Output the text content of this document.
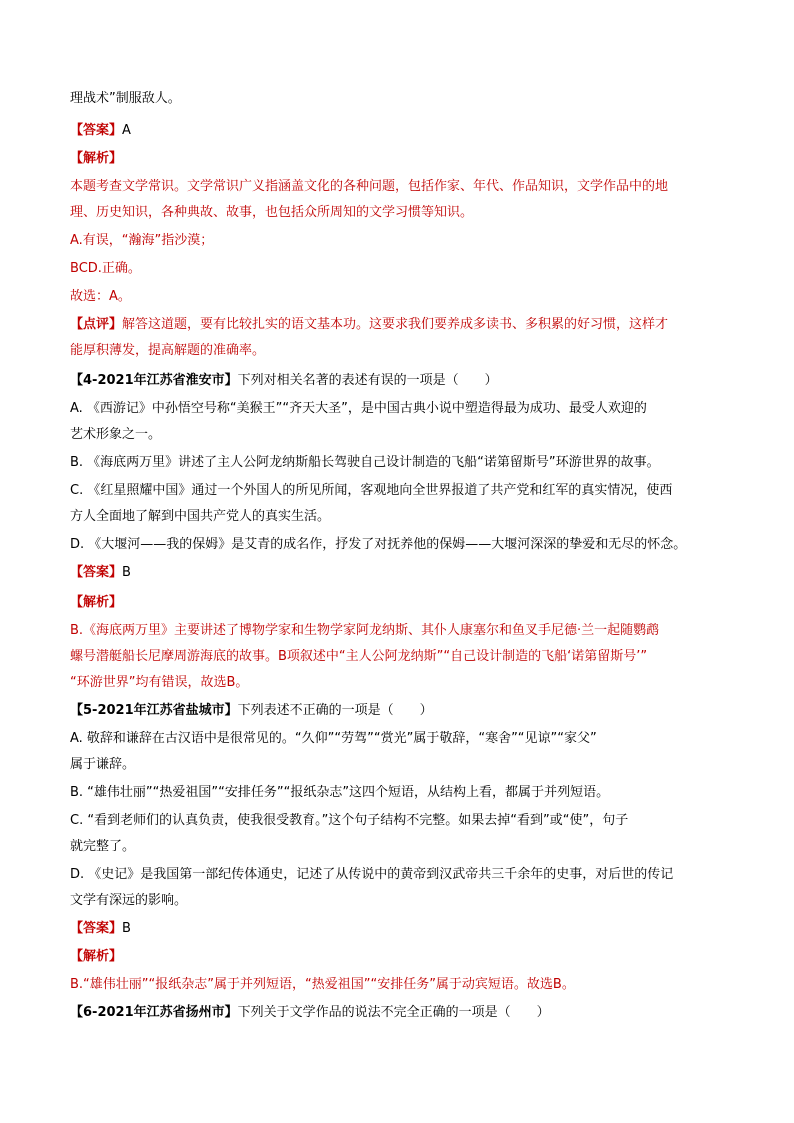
理战术”制服敌人。
【答案】A
【解析】
本题考查文学常识。文学常识广义指涵盖文化的各种问题，包括作家、年代、作品知识，文学作品中的地
理、历史知识，各种典故、故事，也包括众所周知的文学习惯等知识。
A.有误，“瀚海”指沙漠；
BCD.正确。
故选：A。
【点评】解答这道题，要有比较扎实的语文基本功。这要求我们要养成多读书、多积累的好习惯，这样才
能厚积薄发，提高解题的准确率。
【4-2021年江苏省淮安市】下列对相关名著的表述有误的一项是（　　）
A. 《西游记》中孙悟空号称“美猴王”“齐天大圣”，是中国古典小说中塑造得最为成功、最受人欢迎的
艺术形象之一。
B. 《海底两万里》讲述了主人公阿龙纳斯船长驾驶自己设计制造的飞船“诺第留斯号”环游世界的故事。
C. 《红星照耀中国》通过一个外国人的所见所闻，客观地向全世界报道了共产党和红军的真实情况，使西
方人全面地了解到中国共产党人的真实生活。
D. 《大堰河——我的保姆》是艾青的成名作，抒发了对抚养他的保姆——大堰河深深的挚爱和无尽的怀念。
【答案】B
【解析】
B.《海底两万里》主要讲述了博物学家和生物学家阿龙纳斯、其仆人康塞尔和鱼叉手尼德·兰一起随鹦鹉
螺号潜艇船长尼摩周游海底的故事。B项叙述中“主人公阿龙纳斯”“自己设计制造的飞船‘诺第留斯号’”
“环游世界”均有错误，故选B。
【5-2021年江苏省盐城市】下列表述不正确的一项是（　　）
A. 敬辞和谦辞在古汉语中是很常见的。“久仰”“劳驾”“赏光”属于敬辞，“寒舍”“见谅”“家父”
属于谦辞。
B. “雄伟壮丽”“热爱祖国”“安排任务”“报纸杂志”这四个短语，从结构上看，都属于并列短语。
C. “看到老师们的认真负责，使我很受教育。”这个句子结构不完整。如果去掉“看到”或“使”，句子
就完整了。
D. 《史记》是我国第一部纪传体通史，记述了从传说中的黄帝到汉武帝共三千余年的史事，对后世的传记
文学有深远的影响。
【答案】B
【解析】
B.“雄伟壮丽”“报纸杂志”属于并列短语，“热爱祖国”“安排任务”属于动宾短语。故选B。
【6-2021年江苏省扬州市】下列关于文学作品的说法不完全正确的一项是（　　）
